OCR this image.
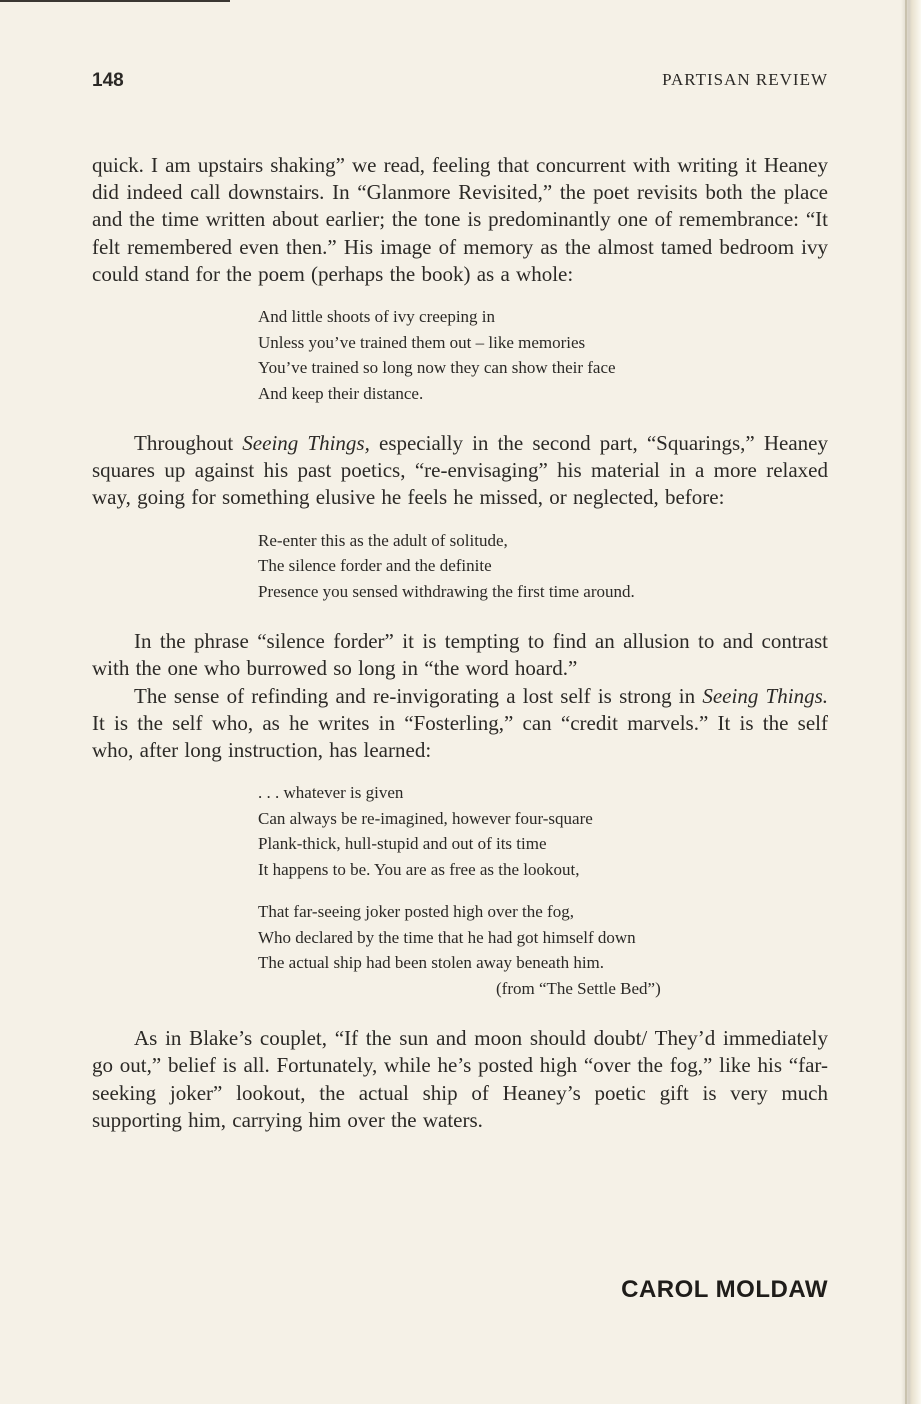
148	PARTISAN REVIEW

quick. I am upstairs shaking” we read, feeling that concurrent with writing it Heaney did indeed call downstairs. In “Glanmore Revisited,” the poet revisits both the place and the time written about earlier; the tone is predominantly one of remembrance: “It felt remembered even then.” His image of memory as the almost tamed bedroom ivy could stand for the poem (perhaps the book) as a whole:

And little shoots of ivy creeping in
Unless you’ve trained them out – like memories
You’ve trained so long now they can show their face
And keep their distance.

Throughout Seeing Things, especially in the second part, “Squarings,” Heaney squares up against his past poetics, “re-envisaging” his material in a more relaxed way, going for something elusive he feels he missed, or neglected, before:

Re-enter this as the adult of solitude,
The silence forder and the definite
Presence you sensed withdrawing the first time around.

In the phrase “silence forder” it is tempting to find an allusion to and contrast with the one who burrowed so long in “the word hoard.”

The sense of refinding and re-invigorating a lost self is strong in Seeing Things. It is the self who, as he writes in “Fosterling,” can “credit marvels.” It is the self who, after long instruction, has learned:

. . . whatever is given
Can always be re-imagined, however four-square
Plank-thick, hull-stupid and out of its time
It happens to be. You are as free as the lookout,
That far-seeing joker posted high over the fog,
Who declared by the time that he had got himself down
The actual ship had been stolen away beneath him.
(from “The Settle Bed”)

As in Blake’s couplet, “If the sun and moon should doubt/ They’d immediately go out,” belief is all. Fortunately, while he’s posted high “over the fog,” like his “far-seeking joker” lookout, the actual ship of Heaney’s poetic gift is very much supporting him, carrying him over the waters.

CAROL MOLDAW
